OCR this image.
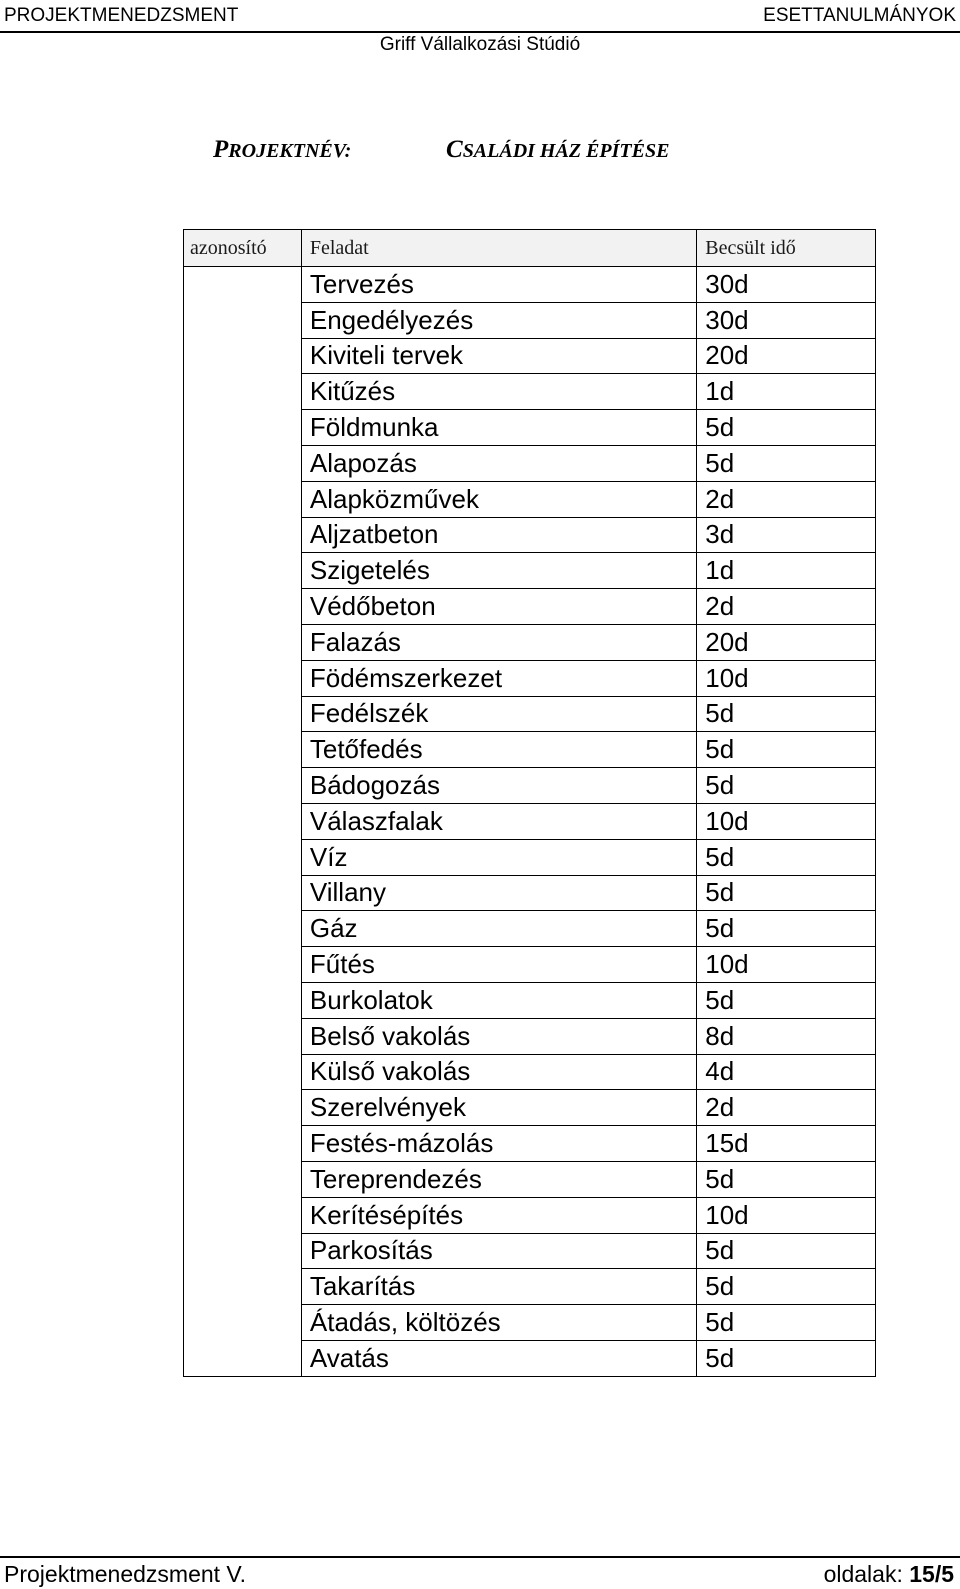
PROJEKTMENEDZSMENT	ESETTANULMÁNYOK
Griff Vállalkozási Stúdió
PROJEKTNÉV:	CSALÁDI HÁZ ÉPÍTÉSE
azonosító	Feladat	Becsült idő
	Tervezés	30d
	Engedélyezés	30d
	Kiviteli tervek	20d
	Kitűzés	1d
	Földmunka	5d
	Alapozás	5d
	Alapközművek	2d
	Aljzatbeton	3d
	Szigetelés	1d
	Védőbeton	2d
	Falazás	20d
	Födémszerkezet	10d
	Fedélszék	5d
	Tetőfedés	5d
	Bádogozás	5d
	Válaszfalak	10d
	Víz	5d
	Villany	5d
	Gáz	5d
	Fűtés	10d
	Burkolatok	5d
	Belső vakolás	8d
	Külső vakolás	4d
	Szerelvények	2d
	Festés-mázolás	15d
	Tereprendezés	5d
	Kerítésépítés	10d
	Parkosítás	5d
	Takarítás	5d
	Átadás, költözés	5d
	Avatás	5d
Projektmenedzsment V.	oldalak: 15/5
